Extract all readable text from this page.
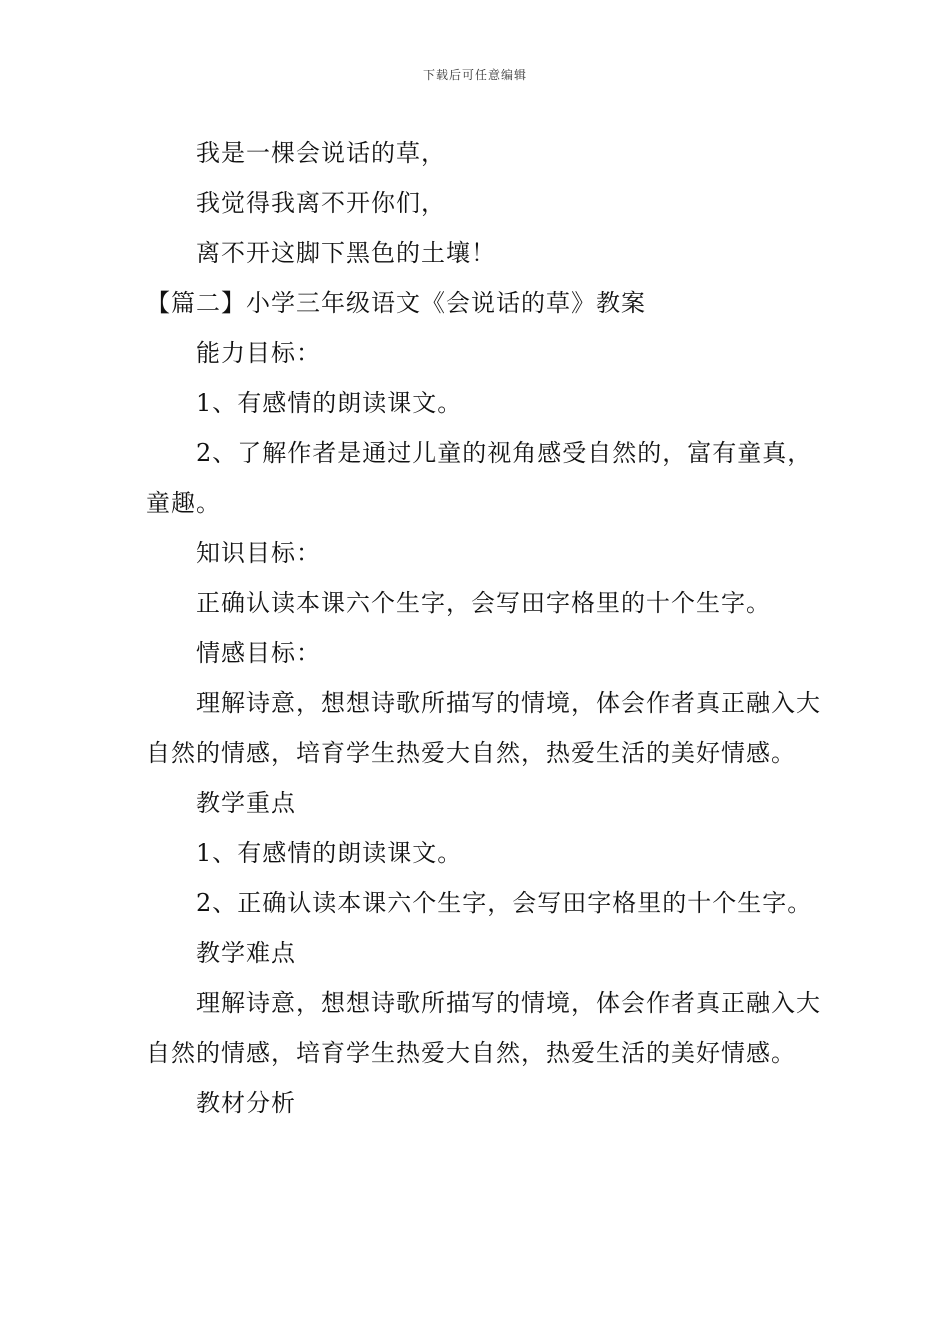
下载后可任意编辑

我是一棵会说话的草，

我觉得我离不开你们，

离不开这脚下黑色的土壤！

【篇二】小学三年级语文《会说话的草》教案

能力目标：

1、有感情的朗读课文。

2、了解作者是通过儿童的视角感受自然的，富有童真，童趣。

知识目标：

正确认读本课六个生字，会写田字格里的十个生字。

情感目标：

理解诗意，想想诗歌所描写的情境，体会作者真正融入大自然的情感，培育学生热爱大自然，热爱生活的美好情感。

教学重点

1、有感情的朗读课文。

2、正确认读本课六个生字，会写田字格里的十个生字。

教学难点

理解诗意，想想诗歌所描写的情境，体会作者真正融入大自然的情感，培育学生热爱大自然，热爱生活的美好情感。

教材分析
